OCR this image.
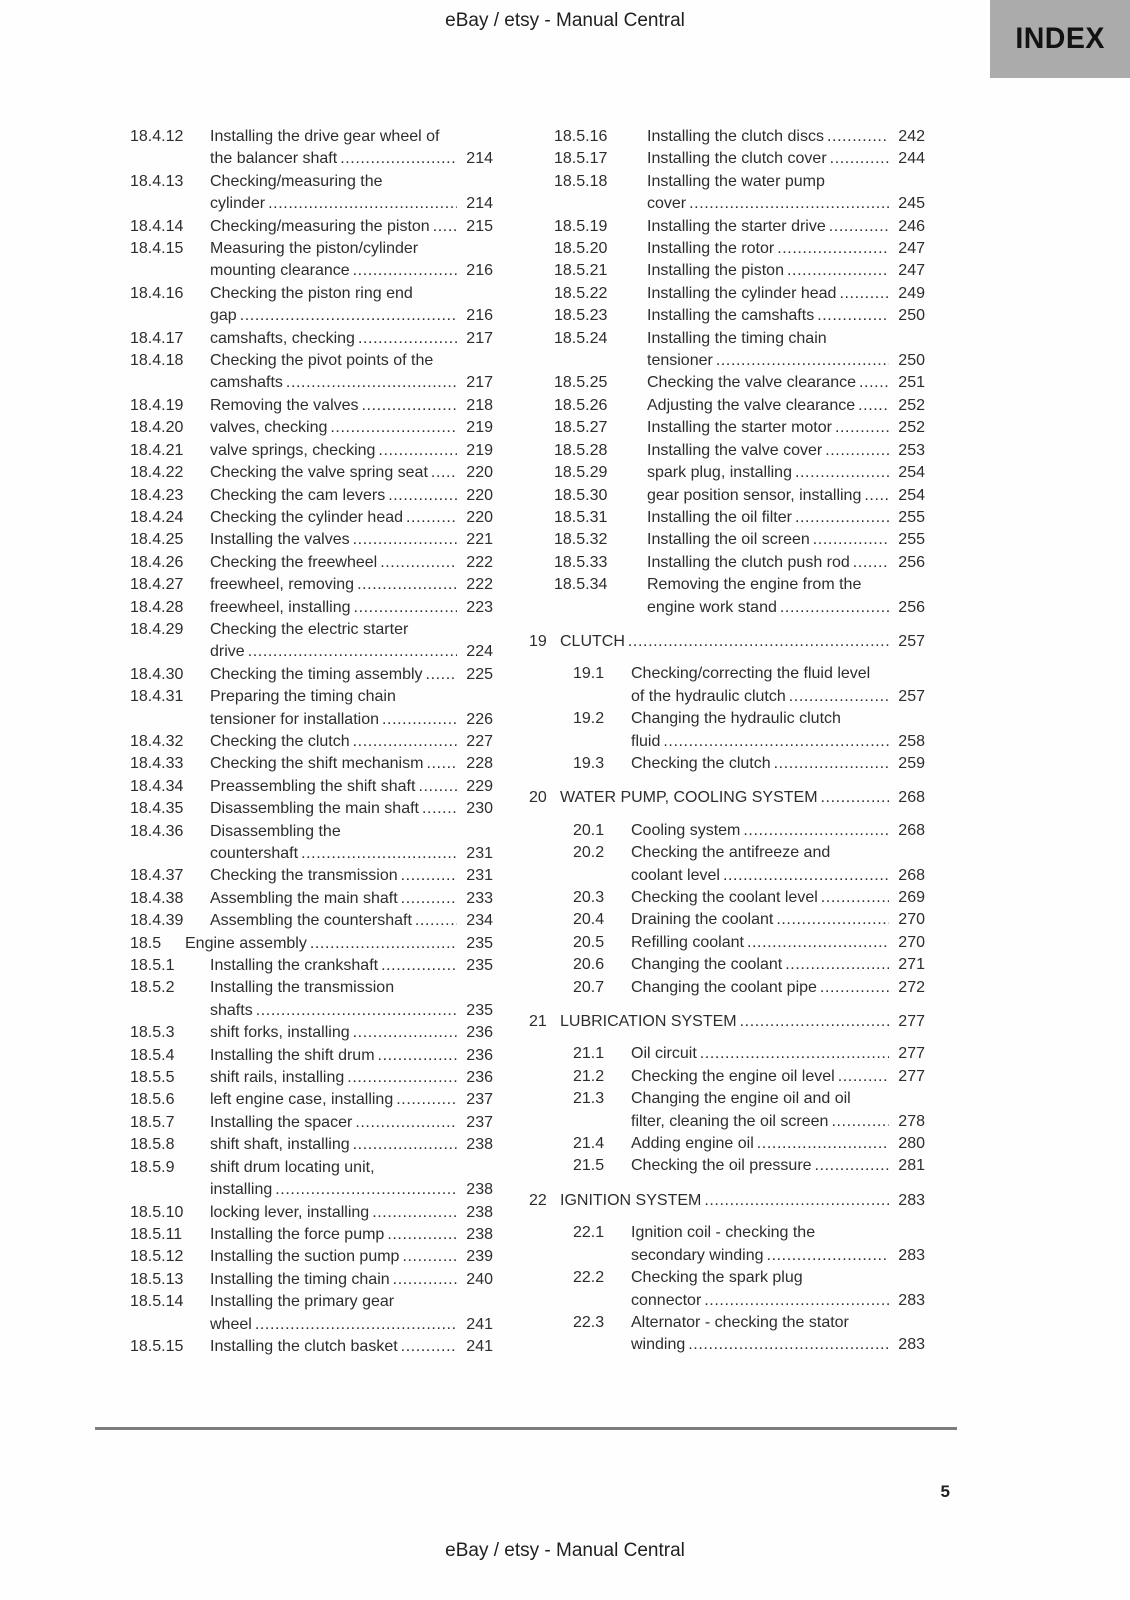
eBay / etsy - Manual Central
INDEX
18.4.12	Installing the drive gear wheel of
the balancer shaft .....	214
18.4.13	Checking/measuring the
cylinder .....	214
18.4.14	Checking/measuring the piston ..... 215
18.4.15	Measuring the piston/cylinder
mounting clearance .....	216
18.4.16	Checking the piston ring end
gap .....	216
18.4.17	camshafts, checking .....	217
18.4.18	Checking the pivot points of the
camshafts .....	217
18.4.19	Removing the valves .....	218
18.4.20	valves, checking .....	219
18.4.21	valve springs, checking .....	219
18.4.22	Checking the valve spring seat ..... 220
18.4.23	Checking the cam levers .....	220
18.4.24	Checking the cylinder head .....	220
18.4.25	Installing the valves .....	221
18.4.26	Checking the freewheel .....	222
18.4.27	freewheel, removing .....	222
18.4.28	freewheel, installing .....	223
18.4.29	Checking the electric starter
drive .....	224
18.4.30	Checking the timing assembly .....	225
18.4.31	Preparing the timing chain
tensioner for installation .....	226
18.4.32	Checking the clutch .....	227
18.4.33	Checking the shift mechanism .....	228
18.4.34	Preassembling the shift shaft .....	229
18.4.35	Disassembling the main shaft .....	230
18.4.36	Disassembling the
countershaft .....	231
18.4.37	Checking the transmission .....	231
18.4.38	Assembling the main shaft .....	233
18.4.39	Assembling the countershaft .....	234
18.5	Engine assembly .....	235
18.5.1	Installing the crankshaft .....	235
18.5.2	Installing the transmission
shafts .....	235
18.5.3	shift forks, installing .....	236
18.5.4	Installing the shift drum .....	236
18.5.5	shift rails, installing .....	236
18.5.6	left engine case, installing .....	237
18.5.7	Installing the spacer .....	237
18.5.8	shift shaft, installing .....	238
18.5.9	shift drum locating unit,
installing .....	238
18.5.10	locking lever, installing .....	238
18.5.11	Installing the force pump .....	238
18.5.12	Installing the suction pump .....	239
18.5.13	Installing the timing chain .....	240
18.5.14	Installing the primary gear
wheel .....	241
18.5.15	Installing the clutch basket .....	241
18.5.16	Installing the clutch discs .....	242
18.5.17	Installing the clutch cover .....	244
18.5.18	Installing the water pump
cover .....	245
18.5.19	Installing the starter drive .....	246
18.5.20	Installing the rotor .....	247
18.5.21	Installing the piston .....	247
18.5.22	Installing the cylinder head .....	249
18.5.23	Installing the camshafts .....	250
18.5.24	Installing the timing chain
tensioner .....	250
18.5.25	Checking the valve clearance .....	251
18.5.26	Adjusting the valve clearance .....	252
18.5.27	Installing the starter motor .....	252
18.5.28	Installing the valve cover .....	253
18.5.29	spark plug, installing .....	254
18.5.30	gear position sensor, installing ..... 254
18.5.31	Installing the oil filter .....	255
18.5.32	Installing the oil screen .....	255
18.5.33	Installing the clutch push rod .....	256
18.5.34	Removing the engine from the
engine work stand .....	256
19 CLUTCH .....	257
19.1	Checking/correcting the fluid level
of the hydraulic clutch .....	257
19.2	Changing the hydraulic clutch
fluid .....	258
19.3	Checking the clutch .....	259
20 WATER PUMP, COOLING SYSTEM .....	268
20.1	Cooling system .....	268
20.2	Checking the antifreeze and
coolant level .....	268
20.3	Checking the coolant level .....	269
20.4	Draining the coolant .....	270
20.5	Refilling coolant .....	270
20.6	Changing the coolant .....	271
20.7	Changing the coolant pipe .....	272
21 LUBRICATION SYSTEM .....	277
21.1	Oil circuit .....	277
21.2	Checking the engine oil level .....	277
21.3	Changing the engine oil and oil
filter, cleaning the oil screen .....	278
21.4	Adding engine oil .....	280
21.5	Checking the oil pressure .....	281
22 IGNITION SYSTEM .....	283
22.1	Ignition coil - checking the
secondary winding .....	283
22.2	Checking the spark plug
connector .....	283
22.3	Alternator - checking the stator
winding .....	283
5
eBay / etsy - Manual Central
